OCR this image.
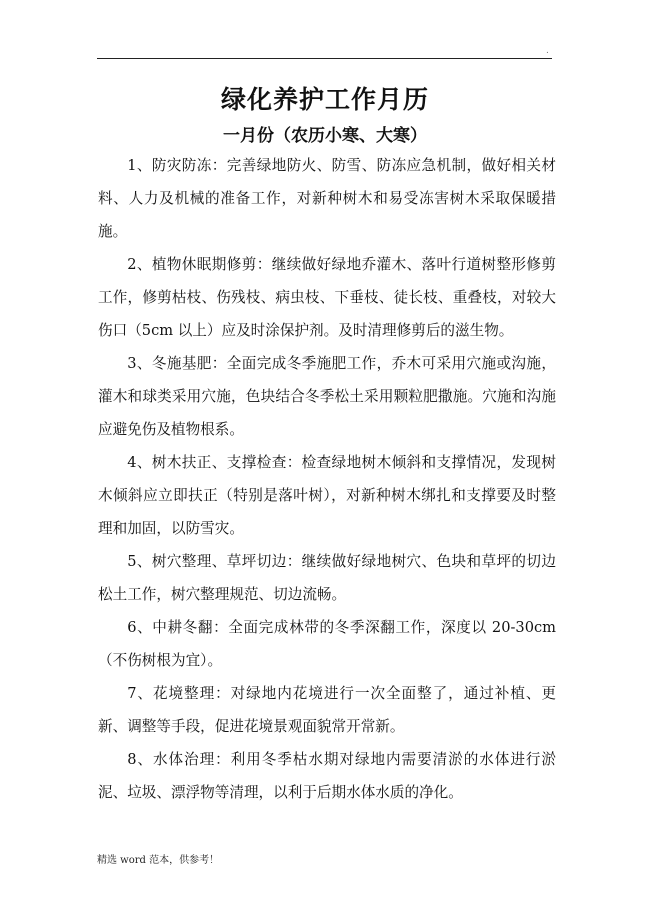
.
绿化养护工作月历
一月份（农历小寒、大寒）

1、防灾防冻：完善绿地防火、防雪、防冻应急机制，做好相关材料、人力及机械的准备工作，对新种树木和易受冻害树木采取保暖措施。

2、植物休眠期修剪：继续做好绿地乔灌木、落叶行道树整形修剪工作，修剪枯枝、伤残枝、病虫枝、下垂枝、徒长枝、重叠枝，对较大伤口（5cm 以上）应及时涂保护剂。及时清理修剪后的滋生物。

3、冬施基肥：全面完成冬季施肥工作，乔木可采用穴施或沟施，灌木和球类采用穴施，色块结合冬季松土采用颗粒肥撒施。穴施和沟施应避免伤及植物根系。

4、树木扶正、支撑检查：检查绿地树木倾斜和支撑情况，发现树木倾斜应立即扶正（特别是落叶树），对新种树木绑扎和支撑要及时整理和加固，以防雪灾。

5、树穴整理、草坪切边：继续做好绿地树穴、色块和草坪的切边松土工作，树穴整理规范、切边流畅。

6、中耕冬翻：全面完成林带的冬季深翻工作，深度以 20-30cm（不伤树根为宜）。

7、花境整理：对绿地内花境进行一次全面整了，通过补植、更新、调整等手段，促进花境景观面貌常开常新。

8、水体治理：利用冬季枯水期对绿地内需要清淤的水体进行淤泥、垃圾、漂浮物等清理，以利于后期水体水质的净化。

精选 word 范本，供参考！
